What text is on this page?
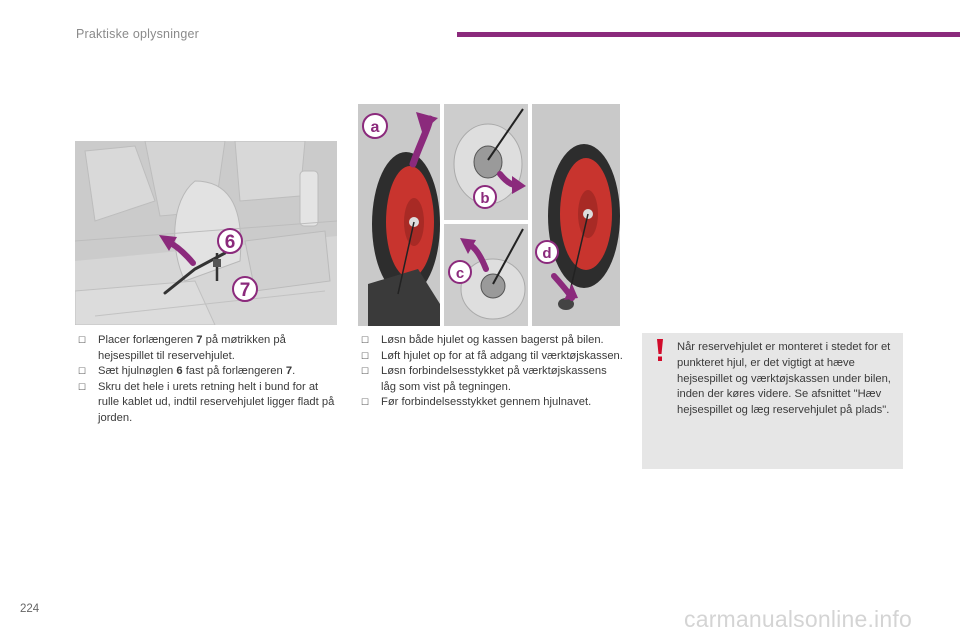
Praktiske oplysninger
6
7
a
b
c
d
☐ Placer forlængeren 7 på møtrikken på hejsespillet til reservehjulet.
☐ Sæt hjulnøglen 6 fast på forlængeren 7.
☐ Skru det hele i urets retning helt i bund for at rulle kablet ud, indtil reservehjulet ligger fladt på jorden.
☐ Løsn både hjulet og kassen bagerst på bilen.
☐ Løft hjulet op for at få adgang til værktøjskassen.
☐ Løsn forbindelsesstykket på værktøjskassens låg som vist på tegningen.
☐ Før forbindelsesstykket gennem hjulnavet.
Når reservehjulet er monteret i stedet for et punkteret hjul, er det vigtigt at hæve hejsespillet og værktøjskassen under bilen, inden der køres videre. Se afsnittet "Hæv hejsespillet og læg reservehjulet på plads".
224	carmanualsonline.info
